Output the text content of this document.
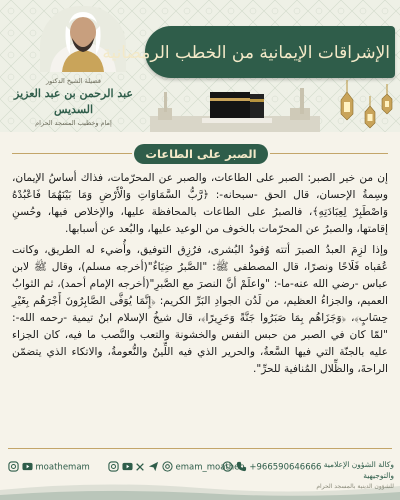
فضيلة الشيخ الدكتور
عبد الرحمن بن عبد العزيز السديس
إمام وخطيب المسجد الحرام
الإشراقات الإيمانية من الخطب الرمضانية
الصبر على الطاعات

إن من خير الصبر: الصبر على الطاعات، والصبر عن المحرّمات، فذاك أساسُ الإيمان، وسِمةُ الإحسان، قال الحق -سبحانه-: ﴿رَّبُّ السَّمَاوَاتِ وَالْأَرْضِ وَمَا بَيْنَهُمَا فَاعْبُدْهُ وَاصْطَبِرْ لِعِبَادَتِهِ﴾، فالصبرُ على الطاعات بالمحافظة عليها، والإخلاص فيها، وحُسنِ إقامتها، والصبرُ عن المحرّمات بالخوف من الوعيد عليها، والبُعد عن أسبابها.

وإذا لزِمَ العبدُ الصبرَ أتته وُفودُ البُشرى، فرُزِق التوفيق، وأُضيء له الطريق، وكانت عُقباه فَلَاحًا ونصرًا، قال المصطفى ﷺ: "الصَّبرُ ضِيَاءٌ"(أخرجه مسلم)، وقال ﷺ لابن عباس -رضي الله عنه-ما-: "واعلَمْ أنَّ النصرَ مع الصَّبرِ"(أخرجه الإمام أحمد)، ثم الثوابُ العميم، والجزاءُ العظيم، من لَدُن الجوادِ البَرِّ الكريم: ﴿إِنَّمَا يُوَفَّى الصَّابِرُونَ أَجْرَهُم بِغَيْرِ حِسَابٍ﴾، ﴿وَجَزَاهُم بِمَا صَبَرُوا جَنَّةً وَحَرِيرًا﴾، قال شيخُ الإسلام ابنُ تيمية -رحمه الله-: "لمّا كان في الصبر من حبس النفس والخشونة والتعب والنَّصب ما فيه، كان الجزاء عليه بالجنّة التي فيها السَّعةُ، والحرير الذي فيه اللِّينُ والنُّعومةُ، والاتكاء الذي يتضمّن الراحةَ، والظِّلال المُنافية للحرِّ".

وكالة الشؤون الإعلامية والتوجيهية
للشؤون الدينية بالمسجد الحرام
+966590646666
emam_moathen
moathemam
